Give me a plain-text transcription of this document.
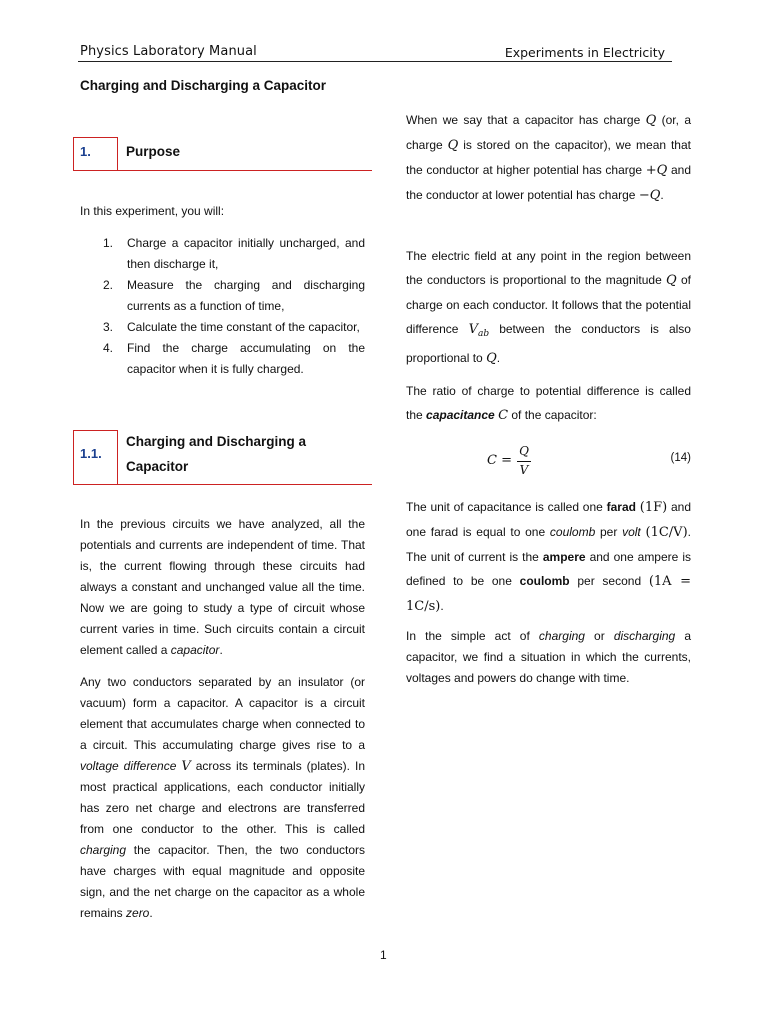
Physics Laboratory Manual	Experiments in Electricity
Charging and Discharging a Capacitor
1.	Purpose
In this experiment, you will:
1. Charge a capacitor initially uncharged, and then discharge it,
2. Measure the charging and discharging currents as a function of time,
3. Calculate the time constant of the capacitor,
4. Find the charge accumulating on the capacitor when it is fully charged.
1.1.
Charging and Discharging a
Capacitor
In the previous circuits we have analyzed, all the potentials and currents are independent of time. That is, the current flowing through these circuits had always a constant and unchanged value all the time. Now we are going to study a type of circuit whose current varies in time. Such circuits contain a circuit element called a capacitor.
Any two conductors separated by an insulator (or vacuum) form a capacitor. A capacitor is a circuit element that accumulates charge when connected to a circuit. This accumulating charge gives rise to a voltage difference V across its terminals (plates). In most practical applications, each conductor initially has zero net charge and electrons are transferred from one conductor to the other. This is called charging the capacitor. Then, the two conductors have charges with equal magnitude and opposite sign, and the net charge on the capacitor as a whole remains zero.
When we say that a capacitor has charge Q (or, a charge Q is stored on the capacitor), we mean that the conductor at higher potential has charge +Q and the conductor at lower potential has charge −Q.
The electric field at any point in the region between the conductors is proportional to the magnitude Q of charge on each conductor. It follows that the potential difference $V_{ab}$ between the conductors is also proportional to Q.
The ratio of charge to potential difference is called the capacitance C of the capacitor:
C =
Q
V
(14)
The unit of capacitance is called one farad (1F) and one farad is equal to one coulomb per volt (1C/V). The unit of current is the ampere and one ampere is defined to be one coulomb per second (1A = 1C/s).
In the simple act of charging or discharging a capacitor, we find a situation in which the currents, voltages and powers do change with time.
1
